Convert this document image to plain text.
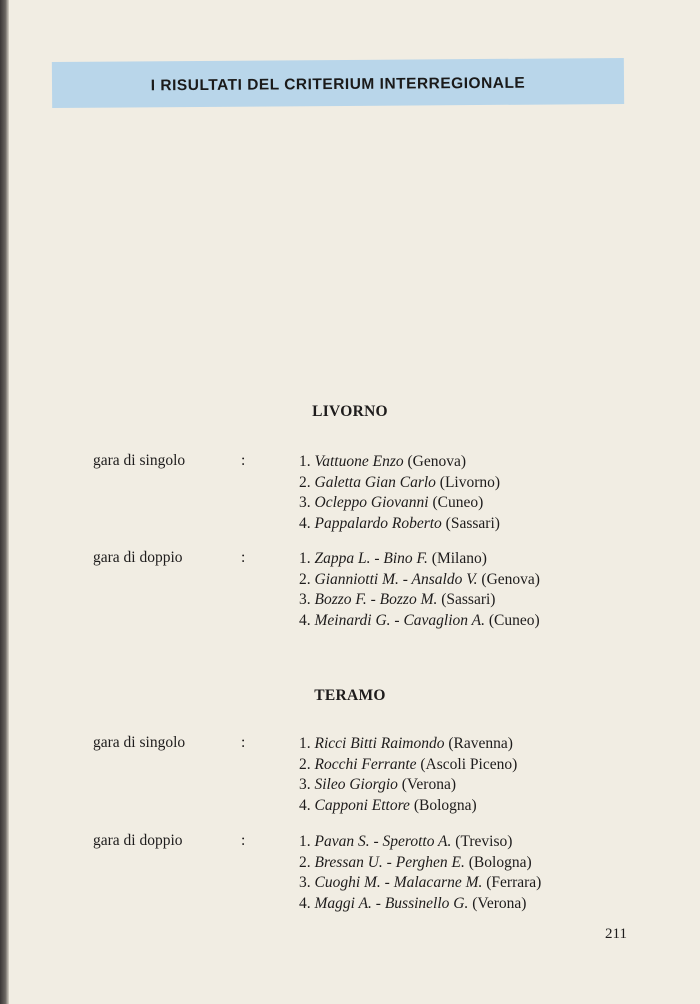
I RISULTATI DEL CRITERIUM INTERREGIONALE
LIVORNO
gara di singolo	:	1. Vattuone Enzo (Genova)
2. Galetta Gian Carlo (Livorno)
3. Ocleppo Giovanni (Cuneo)
4. Pappalardo Roberto (Sassari)
gara di doppio	:	1. Zappa L. - Bino F. (Milano)
2. Gianniotti M. - Ansaldo V. (Genova)
3. Bozzo F. - Bozzo M. (Sassari)
4. Meinardi G. - Cavaglion A. (Cuneo)
TERAMO
gara di singolo	:	1. Ricci Bitti Raimondo (Ravenna)
2. Rocchi Ferrante (Ascoli Piceno)
3. Sileo Giorgio (Verona)
4. Capponi Ettore (Bologna)
gara di doppio	:	1. Pavan S. - Sperotto A. (Treviso)
2. Bressan U. - Perghen E. (Bologna)
3. Cuoghi M. - Malacarne M. (Ferrara)
4. Maggi A. - Bussinello G. (Verona)
211
